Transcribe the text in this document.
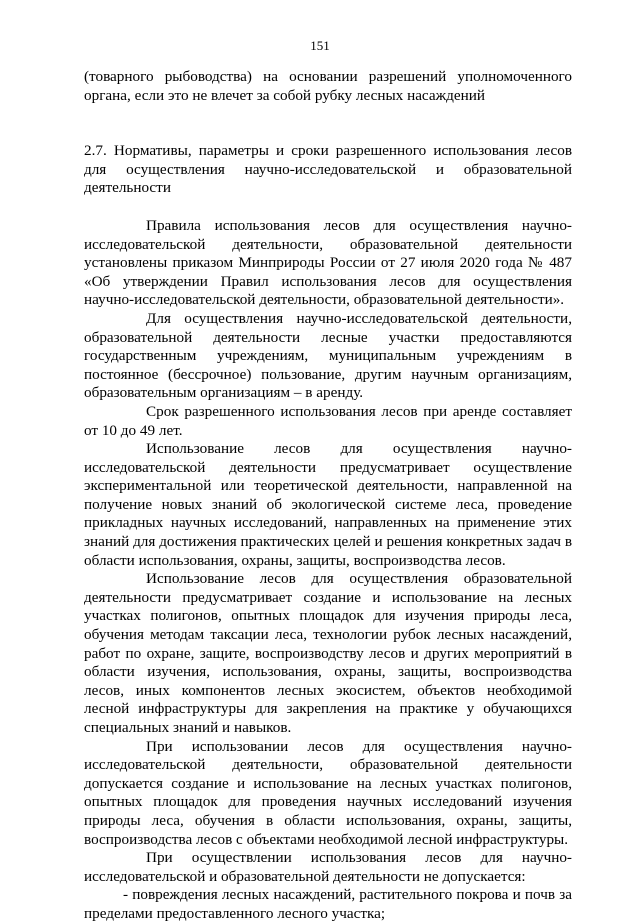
151

(товарного рыбоводства) на основании разрешений уполномоченного органа, если это не влечет за собой рубку лесных насаждений

2.7. Нормативы, параметры и сроки разрешенного использования лесов для осуществления научно-исследовательской и образовательной деятельности

Правила использования лесов для осуществления научно-исследовательской деятельности, образовательной деятельности установлены приказом Минприроды России от 27 июля 2020 года № 487 «Об утверждении Правил использования лесов для осуществления научно-исследовательской деятельности, образовательной деятельности».

Для осуществления научно-исследовательской деятельности, образовательной деятельности лесные участки предоставляются государственным учреждениям, муниципальным учреждениям в постоянное (бессрочное) пользование, другим научным организациям, образовательным организациям – в аренду.

Срок разрешенного использования лесов при аренде составляет от 10 до 49 лет.

Использование лесов для осуществления научно-исследовательской деятельности предусматривает осуществление экспериментальной или теоретической деятельности, направленной на получение новых знаний об экологической системе леса, проведение прикладных научных исследований, направленных на применение этих знаний для достижения практических целей и решения конкретных задач в области использования, охраны, защиты, воспроизводства лесов.

Использование лесов для осуществления образовательной деятельности предусматривает создание и использование на лесных участках полигонов, опытных площадок для изучения природы леса, обучения методам таксации леса, технологии рубок лесных насаждений, работ по охране, защите, воспроизводству лесов и других мероприятий в области изучения, использования, охраны, защиты, воспроизводства лесов, иных компонентов лесных экосистем, объектов необходимой лесной инфраструктуры для закрепления на практике у обучающихся специальных знаний и навыков.

При использовании лесов для осуществления научно-исследовательской деятельности, образовательной деятельности допускается создание и использование на лесных участках полигонов, опытных площадок для проведения научных исследований изучения природы леса, обучения в области использования, охраны, защиты, воспроизводства лесов с объектами необходимой лесной инфраструктуры.

При осуществлении использования лесов для научно-исследовательской и образовательной деятельности не допускается:

- повреждения лесных насаждений, растительного покрова и почв за пределами предоставленного лесного участка;
